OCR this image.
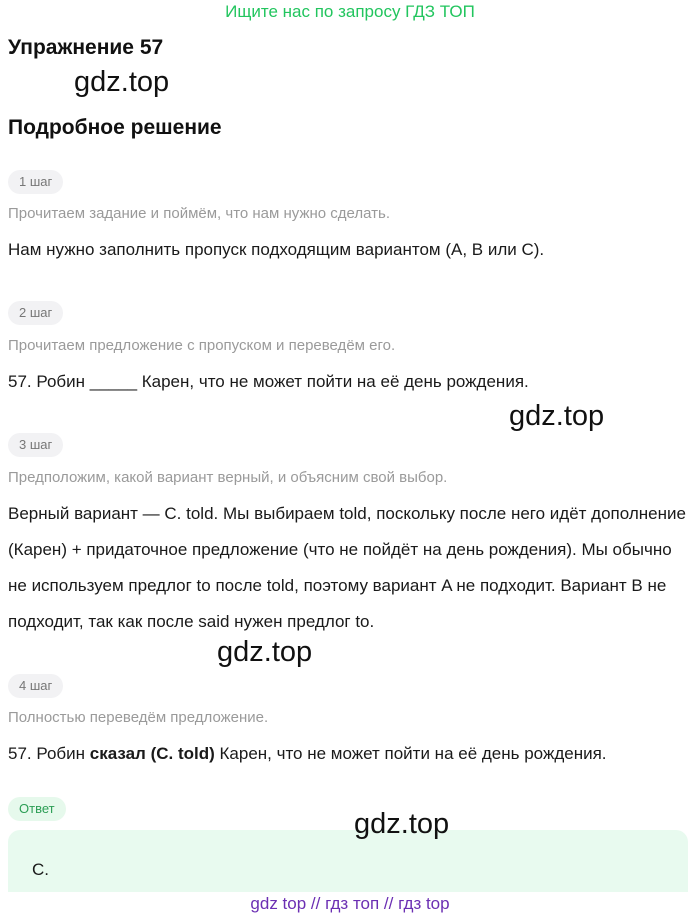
Ищите нас по запросу ГДЗ ТОП
Упражнение 57
gdz.top
Подробное решение
1 шаг
Прочитаем задание и поймём, что нам нужно сделать.
Нам нужно заполнить пропуск подходящим вариантом (A, B или C).
2 шаг
Прочитаем предложение с пропуском и переведём его.
57. Робин _____ Карен, что не может пойти на её день рождения.
gdz.top
3 шаг
Предположим, какой вариант верный, и объясним свой выбор.
Верный вариант — C. told. Мы выбираем told, поскольку после него идёт дополнение (Карен) + придаточное предложение (что не пойдёт на день рождения). Мы обычно не используем предлог to после told, поэтому вариант A не подходит. Вариант B не подходит, так как после said нужен предлог to.
gdz.top
4 шаг
Полностью переведём предложение.
57. Робин сказал (C. told) Карен, что не может пойти на её день рождения.
Ответ
C.
gdz.top
gdz top // гдз топ // гдз top
